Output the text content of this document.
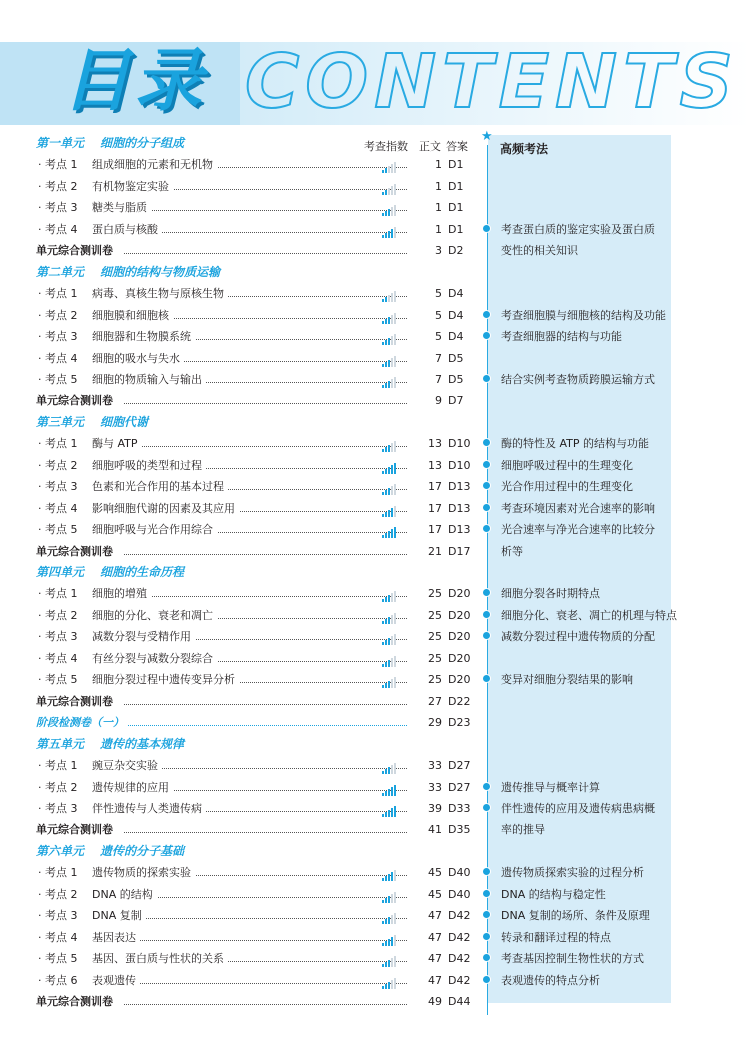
目录 CONTENTS
考查指数 正文 答案
★
高频考法
考查蛋白质的鉴定实验及蛋白质
变性的相关知识
考查细胞膜与细胞核的结构及功能
考查细胞器的结构与功能
结合实例考查物质跨膜运输方式
酶的特性及 ATP 的结构与功能
细胞呼吸过程中的生理变化
光合作用过程中的生理变化
考查环境因素对光合速率的影响
光合速率与净光合速率的比较分
析等
细胞分裂各时期特点
细胞分化、衰老、凋亡的机理与特点
减数分裂过程中遗传物质的分配
变异对细胞分裂结果的影响
遗传推导与概率计算
伴性遗传的应用及遗传病患病概
率的推导
遗传物质探索实验的过程分析
DNA 的结构与稳定性
DNA 复制的场所、条件及原理
转录和翻译过程的特点
考查基因控制生物性状的方式
表观遗传的特点分析
第一单元 细胞的分子组成
· 考点 1 组成细胞的元素和无机物	1 D1
· 考点 2 有机物鉴定实验	1 D1
· 考点 3 糖类与脂质	1 D1
· 考点 4 蛋白质与核酸	1 D1
单元综合测训卷	3 D2
第二单元 细胞的结构与物质运输
· 考点 1 病毒、真核生物与原核生物	5 D4
· 考点 2 细胞膜和细胞核	5 D4
· 考点 3 细胞器和生物膜系统	5 D4
· 考点 4 细胞的吸水与失水	7 D5
· 考点 5 细胞的物质输入与输出	7 D5
单元综合测训卷	9 D7
第三单元 细胞代谢
· 考点 1 酶与 ATP	13 D10
· 考点 2 细胞呼吸的类型和过程	13 D10
· 考点 3 色素和光合作用的基本过程	17 D13
· 考点 4 影响细胞代谢的因素及其应用	17 D13
· 考点 5 细胞呼吸与光合作用综合	17 D13
单元综合测训卷	21 D17
第四单元 细胞的生命历程
· 考点 1 细胞的增殖	25 D20
· 考点 2 细胞的分化、衰老和凋亡	25 D20
· 考点 3 减数分裂与受精作用	25 D20
· 考点 4 有丝分裂与减数分裂综合	25 D20
· 考点 5 细胞分裂过程中遗传变异分析	25 D20
单元综合测训卷	27 D22
阶段检测卷（一）	29 D23
第五单元 遗传的基本规律
· 考点 1 豌豆杂交实验	33 D27
· 考点 2 遗传规律的应用	33 D27
· 考点 3 伴性遗传与人类遗传病	39 D33
单元综合测训卷	41 D35
第六单元 遗传的分子基础
· 考点 1 遗传物质的探索实验	45 D40
· 考点 2 DNA 的结构	45 D40
· 考点 3 DNA 复制	47 D42
· 考点 4 基因表达	47 D42
· 考点 5 基因、蛋白质与性状的关系	47 D42
· 考点 6 表观遗传	47 D42
单元综合测训卷	49 D44
